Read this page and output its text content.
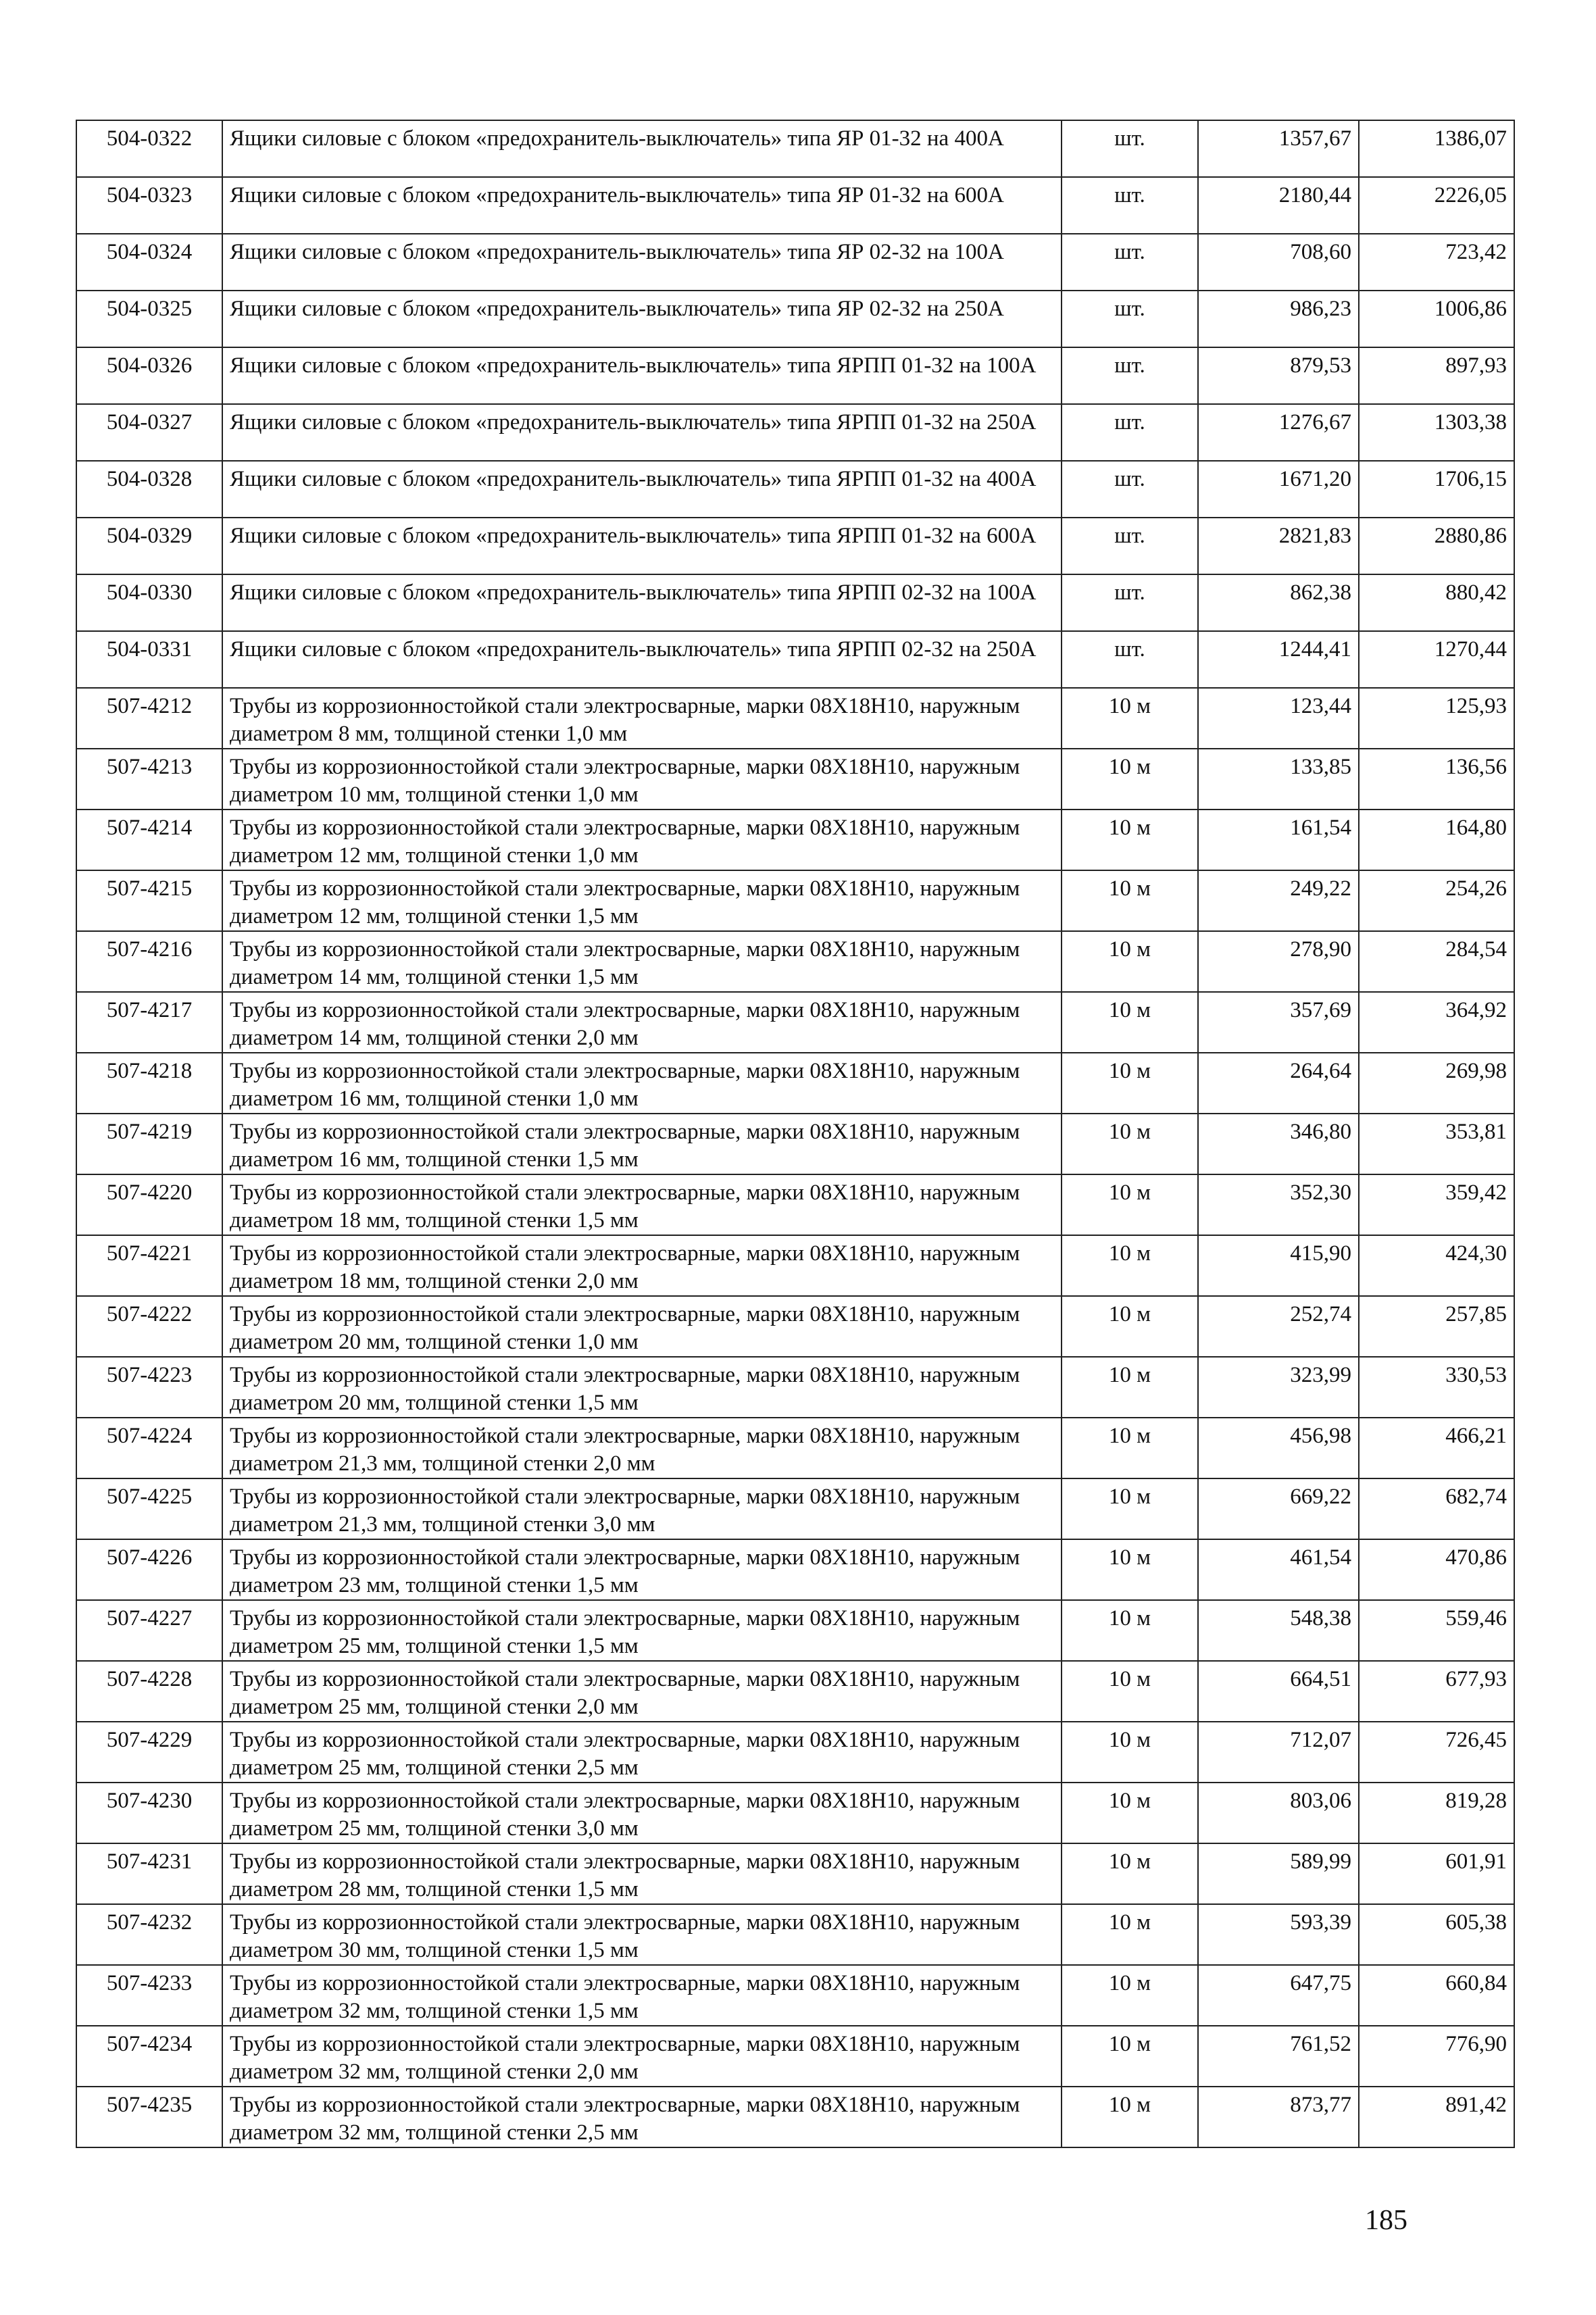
504-0322	Ящики силовые с блоком «предохранитель-выключатель» типа ЯР 01-32 на 400А	шт.	1357,67	1386,07
504-0323	Ящики силовые с блоком «предохранитель-выключатель» типа ЯР 01-32 на 600А	шт.	2180,44	2226,05
504-0324	Ящики силовые с блоком «предохранитель-выключатель» типа ЯР 02-32 на 100А	шт.	708,60	723,42
504-0325	Ящики силовые с блоком «предохранитель-выключатель» типа ЯР 02-32 на 250А	шт.	986,23	1006,86
504-0326	Ящики силовые с блоком «предохранитель-выключатель» типа ЯРПП 01-32 на 100А	шт.	879,53	897,93
504-0327	Ящики силовые с блоком «предохранитель-выключатель» типа ЯРПП 01-32 на 250А	шт.	1276,67	1303,38
504-0328	Ящики силовые с блоком «предохранитель-выключатель» типа ЯРПП 01-32 на 400А	шт.	1671,20	1706,15
504-0329	Ящики силовые с блоком «предохранитель-выключатель» типа ЯРПП 01-32 на 600А	шт.	2821,83	2880,86
504-0330	Ящики силовые с блоком «предохранитель-выключатель» типа ЯРПП 02-32 на 100А	шт.	862,38	880,42
504-0331	Ящики силовые с блоком «предохранитель-выключатель» типа ЯРПП 02-32 на 250А	шт.	1244,41	1270,44
507-4212	Трубы из коррозионностойкой стали электросварные, марки 08Х18Н10, наружным диаметром 8 мм, толщиной стенки 1,0 мм	10 м	123,44	125,93
507-4213	Трубы из коррозионностойкой стали электросварные, марки 08Х18Н10, наружным диаметром 10 мм, толщиной стенки 1,0 мм	10 м	133,85	136,56
507-4214	Трубы из коррозионностойкой стали электросварные, марки 08Х18Н10, наружным диаметром 12 мм, толщиной стенки 1,0 мм	10 м	161,54	164,80
507-4215	Трубы из коррозионностойкой стали электросварные, марки 08Х18Н10, наружным диаметром 12 мм, толщиной стенки 1,5 мм	10 м	249,22	254,26
507-4216	Трубы из коррозионностойкой стали электросварные, марки 08Х18Н10, наружным диаметром 14 мм, толщиной стенки 1,5 мм	10 м	278,90	284,54
507-4217	Трубы из коррозионностойкой стали электросварные, марки 08Х18Н10, наружным диаметром 14 мм, толщиной стенки 2,0 мм	10 м	357,69	364,92
507-4218	Трубы из коррозионностойкой стали электросварные, марки 08Х18Н10, наружным диаметром 16 мм, толщиной стенки 1,0 мм	10 м	264,64	269,98
507-4219	Трубы из коррозионностойкой стали электросварные, марки 08Х18Н10, наружным диаметром 16 мм, толщиной стенки 1,5 мм	10 м	346,80	353,81
507-4220	Трубы из коррозионностойкой стали электросварные, марки 08Х18Н10, наружным диаметром 18 мм, толщиной стенки 1,5 мм	10 м	352,30	359,42
507-4221	Трубы из коррозионностойкой стали электросварные, марки 08Х18Н10, наружным диаметром 18 мм, толщиной стенки 2,0 мм	10 м	415,90	424,30
507-4222	Трубы из коррозионностойкой стали электросварные, марки 08Х18Н10, наружным диаметром 20 мм, толщиной стенки 1,0 мм	10 м	252,74	257,85
507-4223	Трубы из коррозионностойкой стали электросварные, марки 08Х18Н10, наружным диаметром 20 мм, толщиной стенки 1,5 мм	10 м	323,99	330,53
507-4224	Трубы из коррозионностойкой стали электросварные, марки 08Х18Н10, наружным диаметром 21,3 мм, толщиной стенки 2,0 мм	10 м	456,98	466,21
507-4225	Трубы из коррозионностойкой стали электросварные, марки 08Х18Н10, наружным диаметром 21,3 мм, толщиной стенки 3,0 мм	10 м	669,22	682,74
507-4226	Трубы из коррозионностойкой стали электросварные, марки 08Х18Н10, наружным диаметром 23 мм, толщиной стенки 1,5 мм	10 м	461,54	470,86
507-4227	Трубы из коррозионностойкой стали электросварные, марки 08Х18Н10, наружным диаметром 25 мм, толщиной стенки 1,5 мм	10 м	548,38	559,46
507-4228	Трубы из коррозионностойкой стали электросварные, марки 08Х18Н10, наружным диаметром 25 мм, толщиной стенки 2,0 мм	10 м	664,51	677,93
507-4229	Трубы из коррозионностойкой стали электросварные, марки 08Х18Н10, наружным диаметром 25 мм, толщиной стенки 2,5 мм	10 м	712,07	726,45
507-4230	Трубы из коррозионностойкой стали электросварные, марки 08Х18Н10, наружным диаметром 25 мм, толщиной стенки 3,0 мм	10 м	803,06	819,28
507-4231	Трубы из коррозионностойкой стали электросварные, марки 08Х18Н10, наружным диаметром 28 мм, толщиной стенки 1,5 мм	10 м	589,99	601,91
507-4232	Трубы из коррозионностойкой стали электросварные, марки 08Х18Н10, наружным диаметром 30 мм, толщиной стенки 1,5 мм	10 м	593,39	605,38
507-4233	Трубы из коррозионностойкой стали электросварные, марки 08Х18Н10, наружным диаметром 32 мм, толщиной стенки 1,5 мм	10 м	647,75	660,84
507-4234	Трубы из коррозионностойкой стали электросварные, марки 08Х18Н10, наружным диаметром 32 мм, толщиной стенки 2,0 мм	10 м	761,52	776,90
507-4235	Трубы из коррозионностойкой стали электросварные, марки 08Х18Н10, наружным диаметром 32 мм, толщиной стенки 2,5 мм	10 м	873,77	891,42
185
